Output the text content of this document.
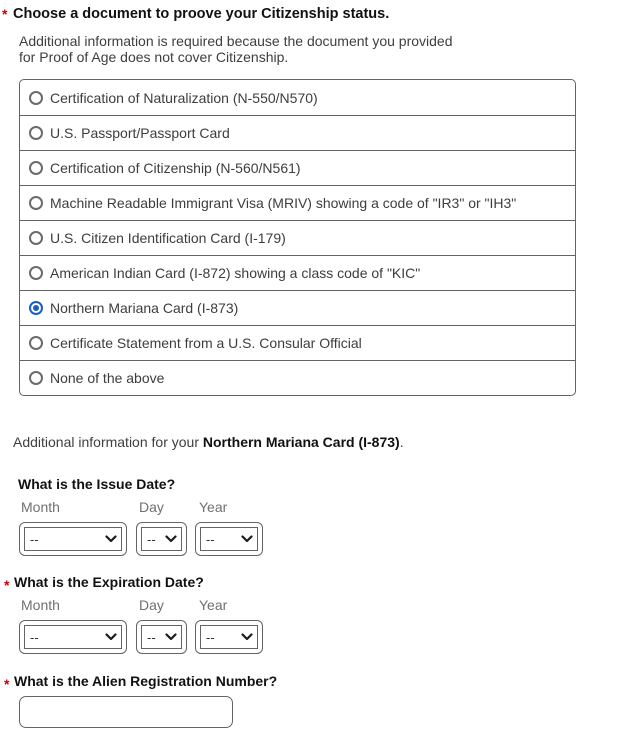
* Choose a document to proove your Citizenship status.
Additional information is required because the document you provided
for Proof of Age does not cover Citizenship.
Certification of Naturalization (N-550/N570)
U.S. Passport/Passport Card
Certification of Citizenship (N-560/N561)
Machine Readable Immigrant Visa (MRIV) showing a code of "IR3" or "IH3"
U.S. Citizen Identification Card (I-179)
American Indian Card (I-872) showing a class code of "KIC"
Northern Mariana Card (I-873)
Certificate Statement from a U.S. Consular Official
None of the above
Additional information for your Northern Mariana Card (I-873).
What is the Issue Date?
Month	Day	Year
--
--
--
* What is the Expiration Date?
Month	Day	Year
--
--
--
* What is the Alien Registration Number?
